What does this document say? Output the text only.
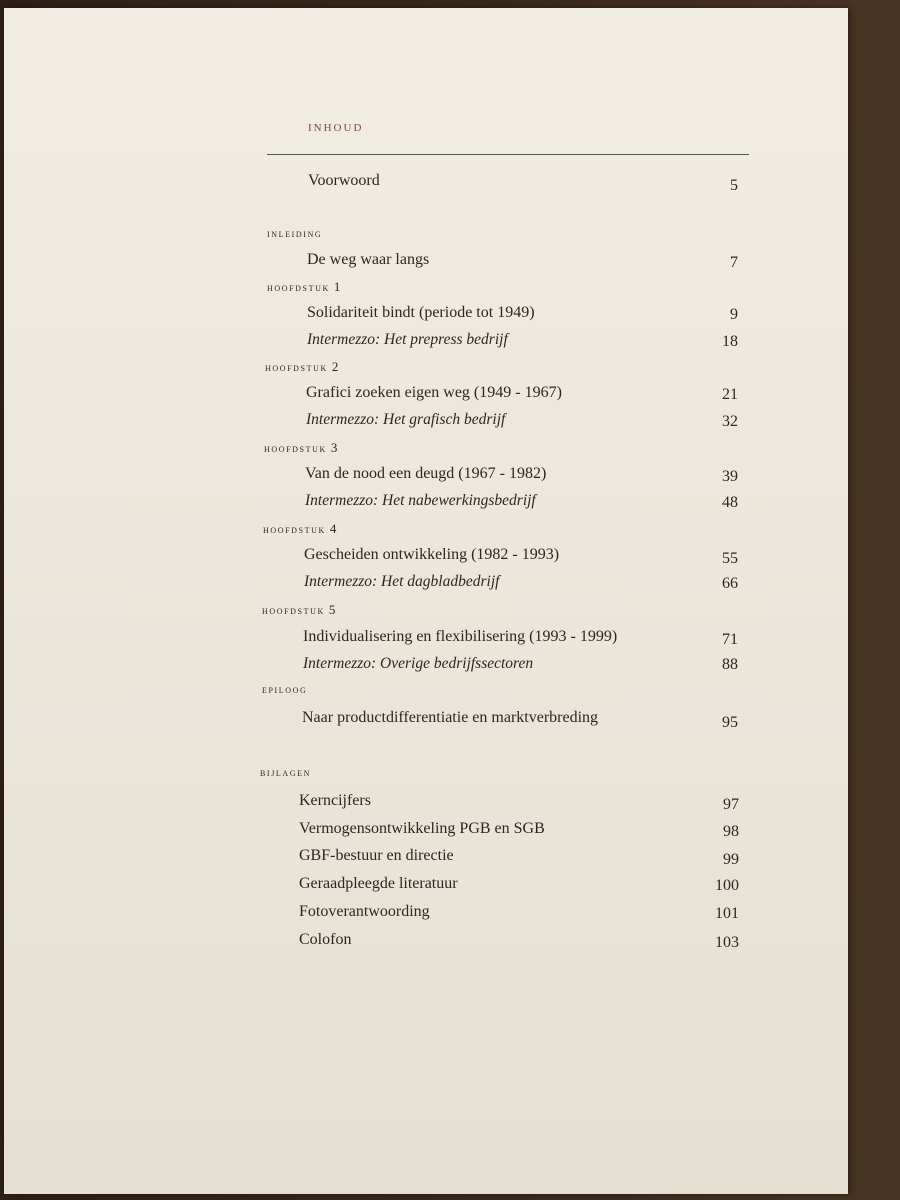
INHOUD
Voorwoord	5
inleiding
De weg waar langs	7
hoofdstuk 1
Solidariteit bindt (periode tot 1949)	9
Intermezzo: Het prepress bedrijf	18
hoofdstuk 2
Grafici zoeken eigen weg (1949 - 1967)	21
Intermezzo: Het grafisch bedrijf	32
hoofdstuk 3
Van de nood een deugd (1967 - 1982)	39
Intermezzo: Het nabewerkingsbedrijf	48
hoofdstuk 4
Gescheiden ontwikkeling (1982 - 1993)	55
Intermezzo: Het dagbladbedrijf	66
hoofdstuk 5
Individualisering en flexibilisering (1993 - 1999)	71
Intermezzo: Overige bedrijfssectoren	88
epiloog
Naar productdifferentiatie en marktverbreding	95
bijlagen
Kerncijfers	97
Vermogensontwikkeling PGB en SGB	98
GBF-bestuur en directie	99
Geraadpleegde literatuur	100
Fotoverantwoording	101
Colofon	103
